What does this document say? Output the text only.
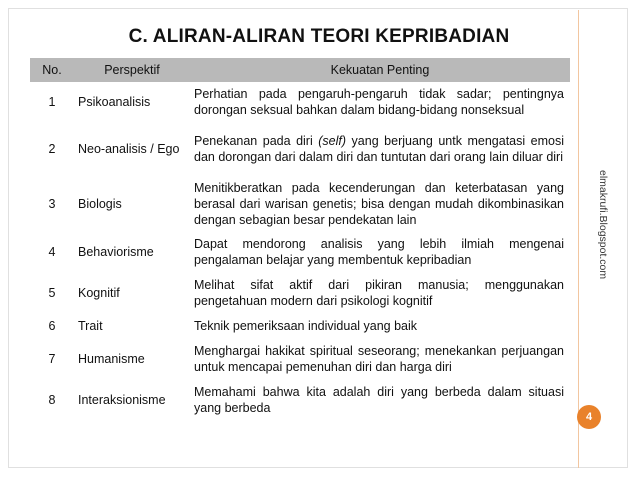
C. ALIRAN-ALIRAN TEORI KEPRIBADIAN
No.	Perspektif	Kekuatan Penting
1	Psikoanalisis	Perhatian pada pengaruh-pengaruh tidak sadar; pentingnya dorongan seksual bahkan dalam bidang-bidang nonseksual
2	Neo-analisis / Ego	Penekanan pada diri (self) yang berjuang untk mengatasi emosi dan dorongan dari dalam diri dan tuntutan dari orang lain diluar diri
3	Biologis	Menitikberatkan pada kecenderungan dan keterbatasan yang berasal dari warisan genetis; bisa dengan mudah dikombinasikan dengan sebagian besar pendekatan lain
4	Behaviorisme	Dapat mendorong analisis yang lebih ilmiah mengenai pengalaman belajar yang membentuk kepribadian
5	Kognitif	Melihat sifat aktif dari pikiran manusia; menggunakan pengetahuan modern dari psikologi kognitif
6	Trait	Teknik pemeriksaan individual yang baik
7	Humanisme	Menghargai hakikat spiritual seseorang; menekankan perjuangan untuk mencapai pemenuhan diri dan harga diri
8	Interaksionisme	Memahami bahwa kita adalah diri yang berbeda dalam situasi yang berbeda
elmakrufi.Blogspot.com
4
